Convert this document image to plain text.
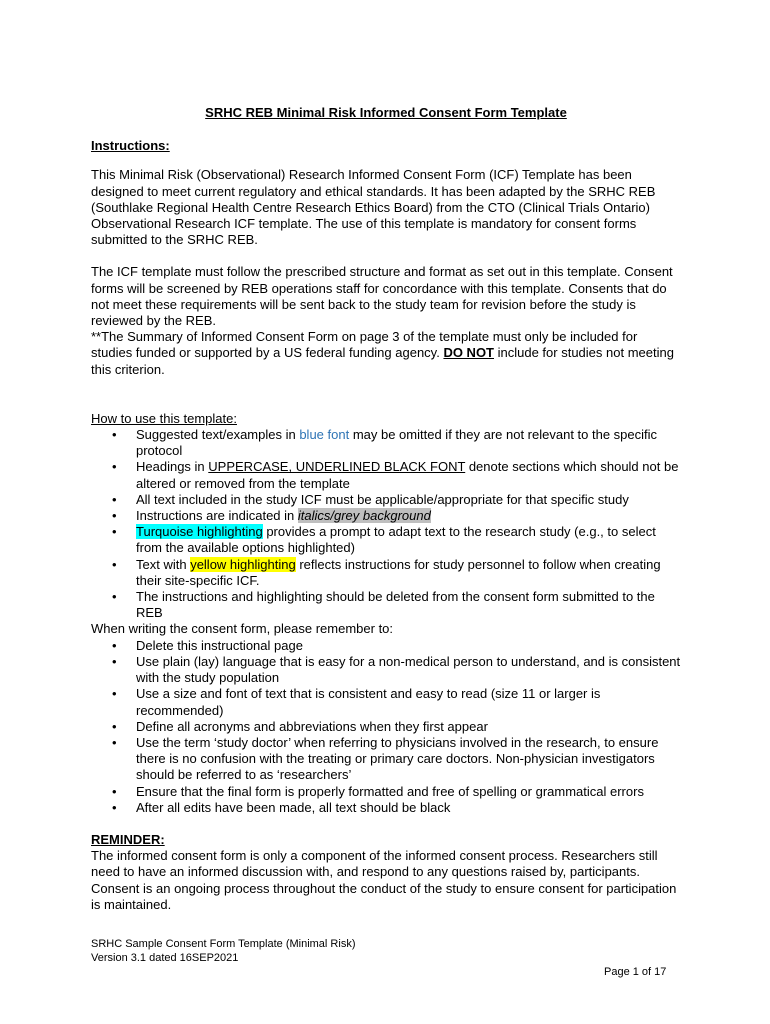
SRHC REB Minimal Risk Informed Consent Form Template
Instructions:

This Minimal Risk (Observational) Research Informed Consent Form (ICF) Template has been designed to meet current regulatory and ethical standards. It has been adapted by the SRHC REB (Southlake Regional Health Centre Research Ethics Board) from the CTO (Clinical Trials Ontario) Observational Research ICF template. The use of this template is mandatory for consent forms submitted to the SRHC REB.

The ICF template must follow the prescribed structure and format as set out in this template. Consent forms will be screened by REB operations staff for concordance with this template. Consents that do not meet these requirements will be sent back to the study team for revision before the study is reviewed by the REB.

**The Summary of Informed Consent Form on page 3 of the template must only be included for studies funded or supported by a US federal funding agency. DO NOT include for studies not meeting this criterion.

How to use this template:

• Suggested text/examples in blue font may be omitted if they are not relevant to the specific protocol
• Headings in UPPERCASE, UNDERLINED BLACK FONT denote sections which should not be altered or removed from the template
• All text included in the study ICF must be applicable/appropriate for that specific study
• Instructions are indicated in italics/grey background
• Turquoise highlighting provides a prompt to adapt text to the research study (e.g., to select from the available options highlighted)
• Text with yellow highlighting reflects instructions for study personnel to follow when creating their site-specific ICF.
• The instructions and highlighting should be deleted from the consent form submitted to the REB

When writing the consent form, please remember to:

• Delete this instructional page
• Use plain (lay) language that is easy for a non-medical person to understand, and is consistent with the study population
• Use a size and font of text that is consistent and easy to read (size 11 or larger is recommended)
• Define all acronyms and abbreviations when they first appear
• Use the term ‘study doctor’ when referring to physicians involved in the research, to ensure there is no confusion with the treating or primary care doctors. Non-physician investigators should be referred to as ‘researchers’
• Ensure that the final form is properly formatted and free of spelling or grammatical errors
• After all edits have been made, all text should be black

REMINDER:

The informed consent form is only a component of the informed consent process. Researchers still need to have an informed discussion with, and respond to any questions raised by, participants. Consent is an ongoing process throughout the conduct of the study to ensure consent for participation is maintained.

SRHC Sample Consent Form Template (Minimal Risk)
Version 3.1 dated 16SEP2021
Page 1 of 17
